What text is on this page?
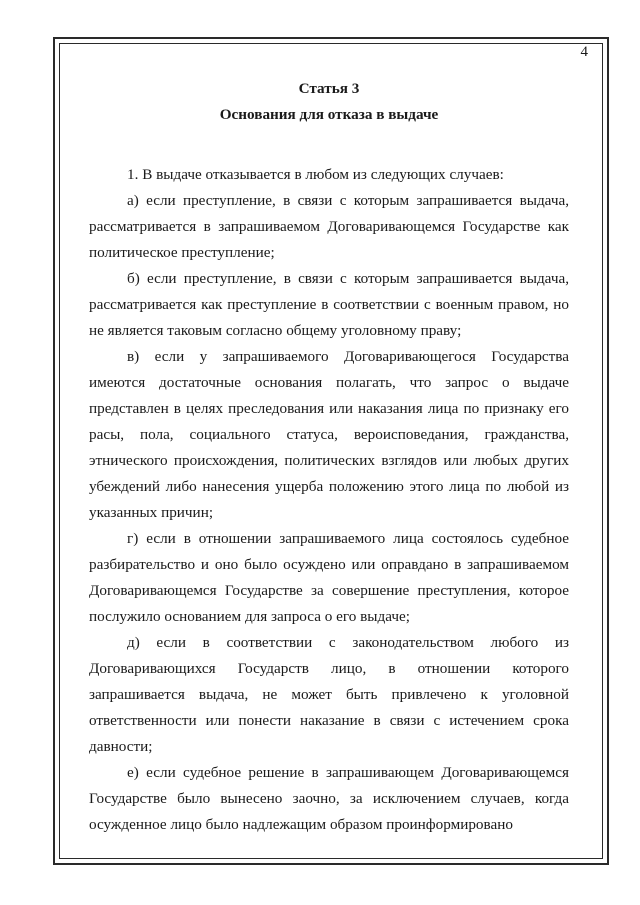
4
Статья 3
Основания для отказа в выдаче

1. В выдаче отказывается в любом из следующих случаев:

а) если преступление, в связи с которым запрашивается выдача, рассматривается в запрашиваемом Договаривающемся Государстве как политическое преступление;

б) если преступление, в связи с которым запрашивается выдача, рассматривается как преступление в соответствии с военным правом, но не является таковым согласно общему уголовному праву;

в) если у запрашиваемого Договаривающегося Государства имеются достаточные основания полагать, что запрос о выдаче представлен в целях преследования или наказания лица по признаку его расы, пола, социального статуса, вероисповедания, гражданства, этнического происхождения, политических взглядов или любых других убеждений либо нанесения ущерба положению этого лица по любой из указанных причин;

г) если в отношении запрашиваемого лица состоялось судебное разбирательство и оно было осуждено или оправдано в запрашиваемом Договаривающемся Государстве за совершение преступления, которое послужило основанием для запроса о его выдаче;

д) если в соответствии с законодательством любого из Договаривающихся Государств лицо, в отношении которого запрашивается выдача, не может быть привлечено к уголовной ответственности или понести наказание в связи с истечением срока давности;

е) если судебное решение в запрашивающем Договаривающемся Государстве было вынесено заочно, за исключением случаев, когда осужденное лицо было надлежащим образом проинформировано
